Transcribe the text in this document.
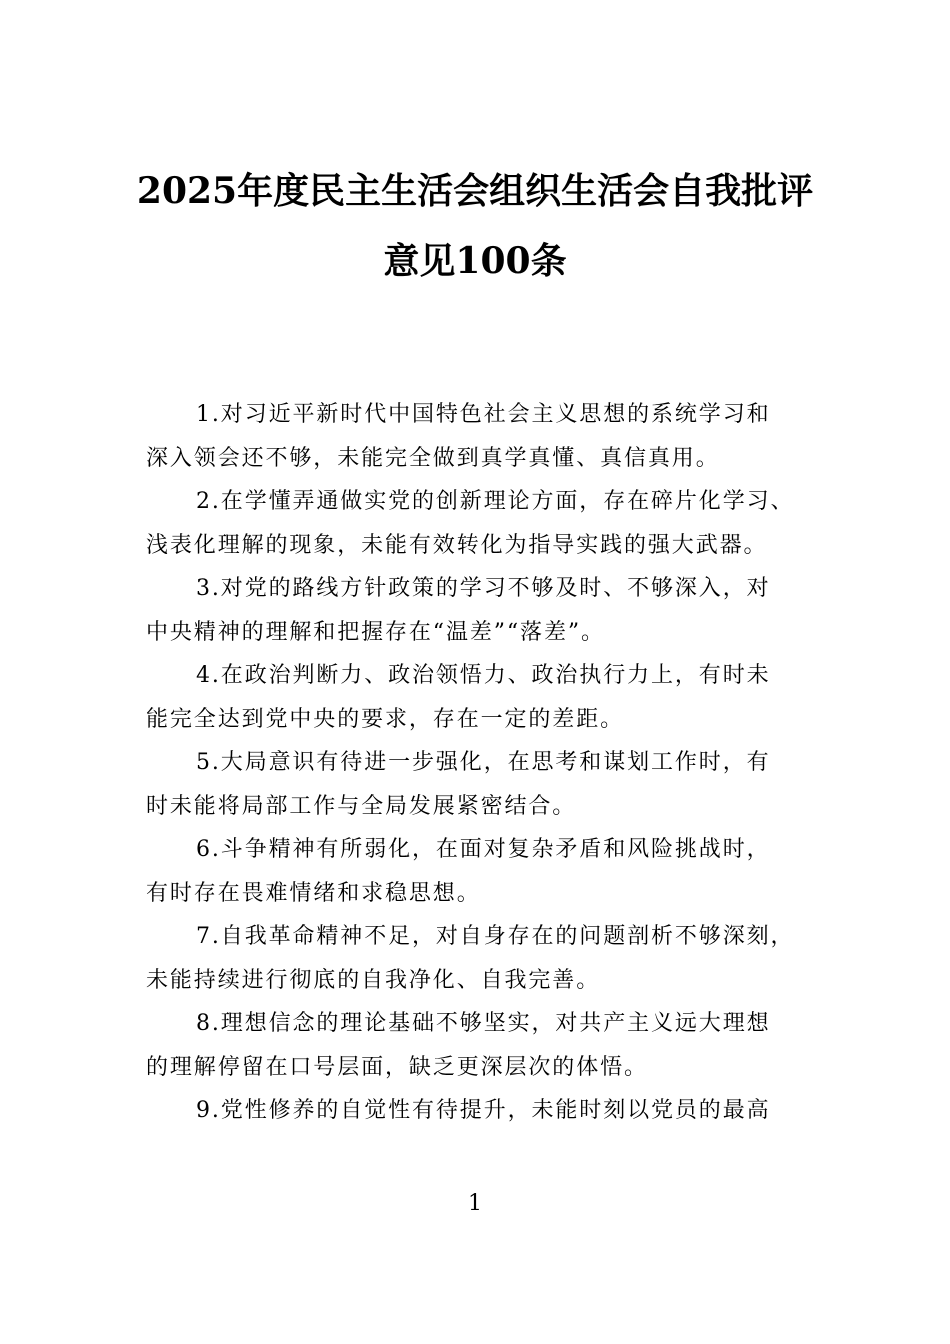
2025年度民主生活会组织生活会自我批评
意见100条
1.对习近平新时代中国特色社会主义思想的系统学习和
深入领会还不够，未能完全做到真学真懂、真信真用。
2.在学懂弄通做实党的创新理论方面，存在碎片化学习、
浅表化理解的现象，未能有效转化为指导实践的强大武器。
3.对党的路线方针政策的学习不够及时、不够深入，对
中央精神的理解和把握存在“温差”“落差”。
4.在政治判断力、政治领悟力、政治执行力上，有时未
能完全达到党中央的要求，存在一定的差距。
5.大局意识有待进一步强化，在思考和谋划工作时，有
时未能将局部工作与全局发展紧密结合。
6.斗争精神有所弱化，在面对复杂矛盾和风险挑战时，
有时存在畏难情绪和求稳思想。
7.自我革命精神不足，对自身存在的问题剖析不够深刻，
未能持续进行彻底的自我净化、自我完善。
8.理想信念的理论基础不够坚实，对共产主义远大理想
的理解停留在口号层面，缺乏更深层次的体悟。
9.党性修养的自觉性有待提升，未能时刻以党员的最高
1
